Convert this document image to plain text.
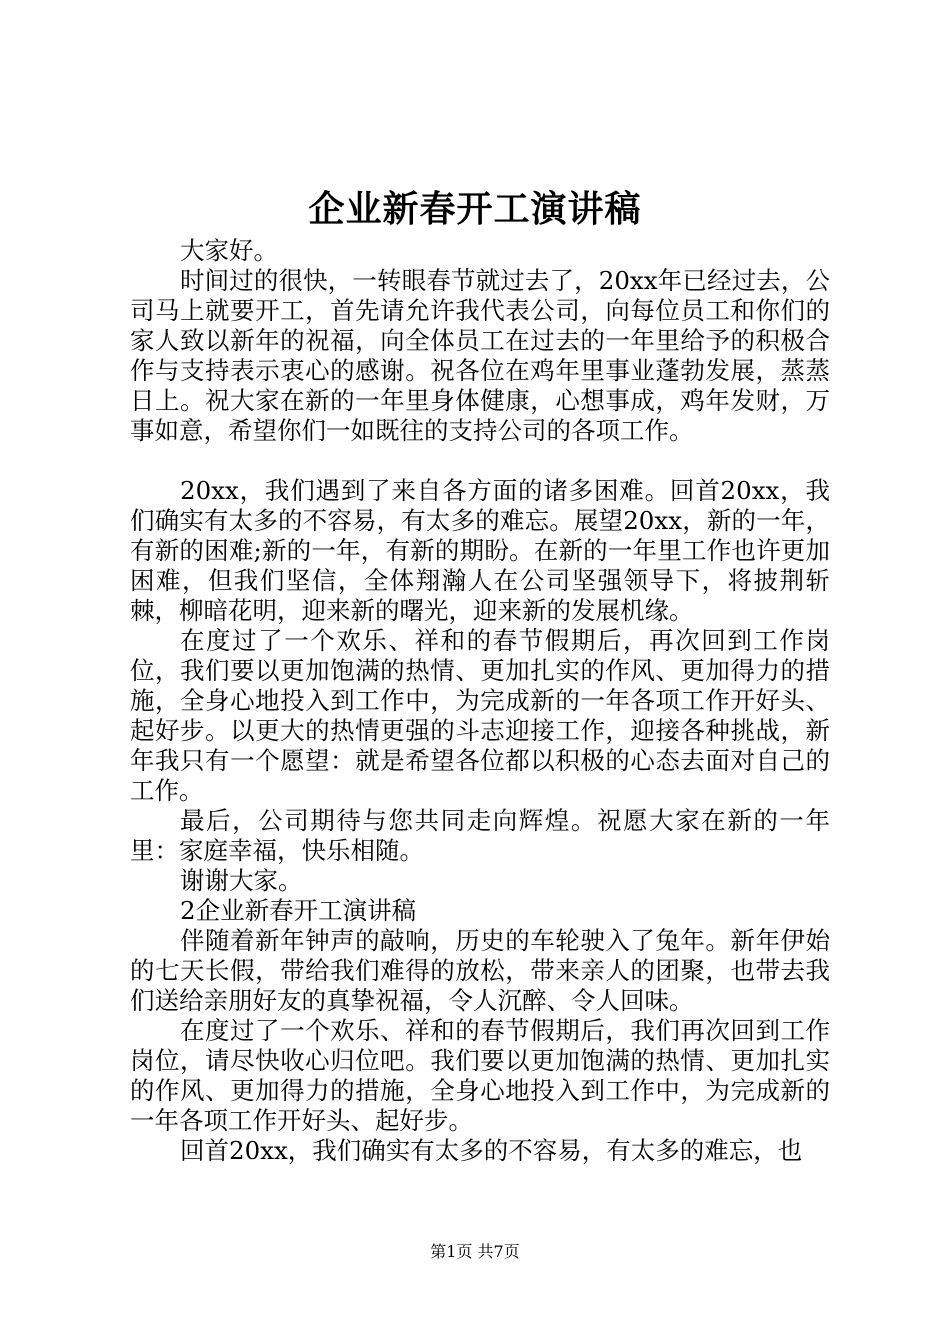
企业新春开工演讲稿

大家好。

时间过的很快，一转眼春节就过去了，20xx年已经过去，公司马上就要开工，首先请允许我代表公司，向每位员工和你们的家人致以新年的祝福，向全体员工在过去的一年里给予的积极合作与支持表示衷心的感谢。祝各位在鸡年里事业蓬勃发展，蒸蒸日上。祝大家在新的一年里身体健康，心想事成，鸡年发财，万事如意，希望你们一如既往的支持公司的各项工作。

20xx，我们遇到了来自各方面的诸多困难。回首20xx，我们确实有太多的不容易，有太多的难忘。展望20xx，新的一年，有新的困难;新的一年，有新的期盼。在新的一年里工作也许更加困难，但我们坚信，全体翔瀚人在公司坚强领导下，将披荆斩棘，柳暗花明，迎来新的曙光，迎来新的发展机缘。

在度过了一个欢乐、祥和的春节假期后，再次回到工作岗位，我们要以更加饱满的热情、更加扎实的作风、更加得力的措施，全身心地投入到工作中，为完成新的一年各项工作开好头、起好步。以更大的热情更强的斗志迎接工作，迎接各种挑战，新年我只有一个愿望：就是希望各位都以积极的心态去面对自己的工作。

最后，公司期待与您共同走向辉煌。祝愿大家在新的一年里：家庭幸福，快乐相随。

谢谢大家。

2企业新春开工演讲稿

伴随着新年钟声的敲响，历史的车轮驶入了兔年。新年伊始的七天长假，带给我们难得的放松，带来亲人的团聚，也带去我们送给亲朋好友的真挚祝福，令人沉醉、令人回味。

在度过了一个欢乐、祥和的春节假期后，我们再次回到工作岗位，请尽快收心归位吧。我们要以更加饱满的热情、更加扎实的作风、更加得力的措施，全身心地投入到工作中，为完成新的一年各项工作开好头、起好步。

回首20xx，我们确实有太多的不容易，有太多的难忘，也

第1页 共7页
